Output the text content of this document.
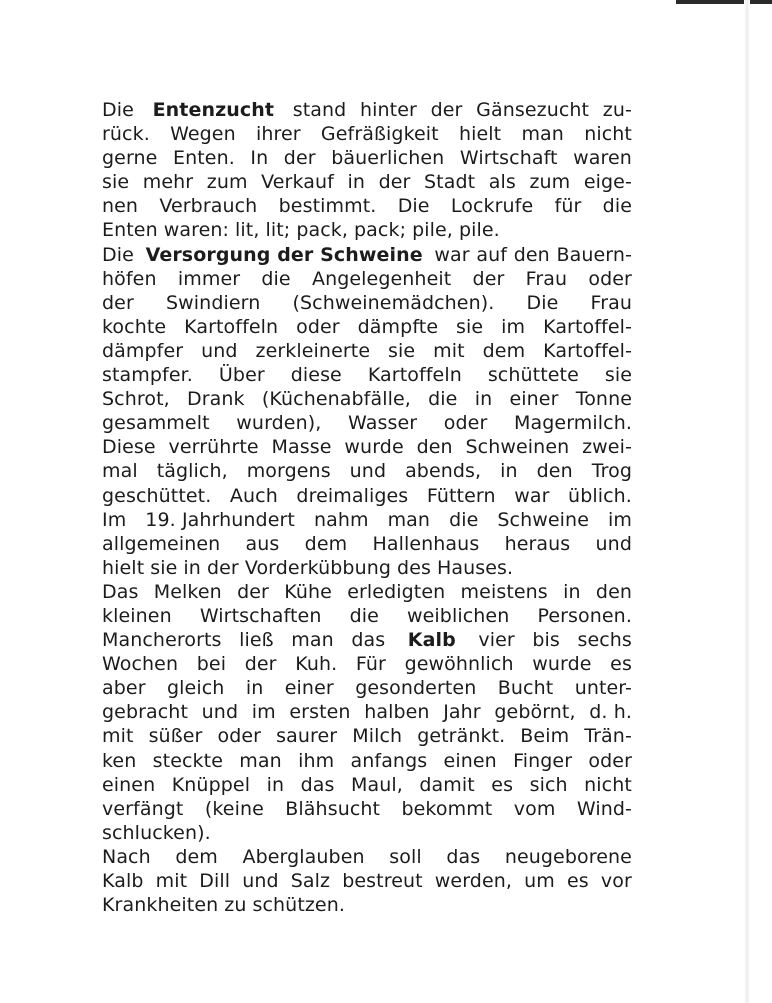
Die Entenzucht stand hinter der Gänsezucht zu-
rück. Wegen ihrer Gefräßigkeit hielt man nicht
gerne Enten. In der bäuerlichen Wirtschaft waren
sie mehr zum Verkauf in der Stadt als zum eige-
nen Verbrauch bestimmt. Die Lockrufe für die
Enten waren: lit, lit; pack, pack; pile, pile.
Die Versorgung der Schweine war auf den Bauern-
höfen immer die Angelegenheit der Frau oder
der Swindiern (Schweinemädchen). Die Frau
kochte Kartoffeln oder dämpfte sie im Kartoffel-
dämpfer und zerkleinerte sie mit dem Kartoffel-
stampfer. Über diese Kartoffeln schüttete sie
Schrot, Drank (Küchenabfälle, die in einer Tonne
gesammelt wurden), Wasser oder Magermilch.
Diese verrührte Masse wurde den Schweinen zwei-
mal täglich, morgens und abends, in den Trog
geschüttet. Auch dreimaliges Füttern war üblich.
Im 19. Jahrhundert nahm man die Schweine im
allgemeinen aus dem Hallenhaus heraus und
hielt sie in der Vorderkübbung des Hauses.
Das Melken der Kühe erledigten meistens in den
kleinen Wirtschaften die weiblichen Personen.
Mancherorts ließ man das Kalb vier bis sechs
Wochen bei der Kuh. Für gewöhnlich wurde es
aber gleich in einer gesonderten Bucht unter-
gebracht und im ersten halben Jahr gebörnt, d. h.
mit süßer oder saurer Milch getränkt. Beim Trän-
ken steckte man ihm anfangs einen Finger oder
einen Knüppel in das Maul, damit es sich nicht
verfängt (keine Blähsucht bekommt vom Wind-
schlucken).
Nach dem Aberglauben soll das neugeborene
Kalb mit Dill und Salz bestreut werden, um es vor
Krankheiten zu schützen.
